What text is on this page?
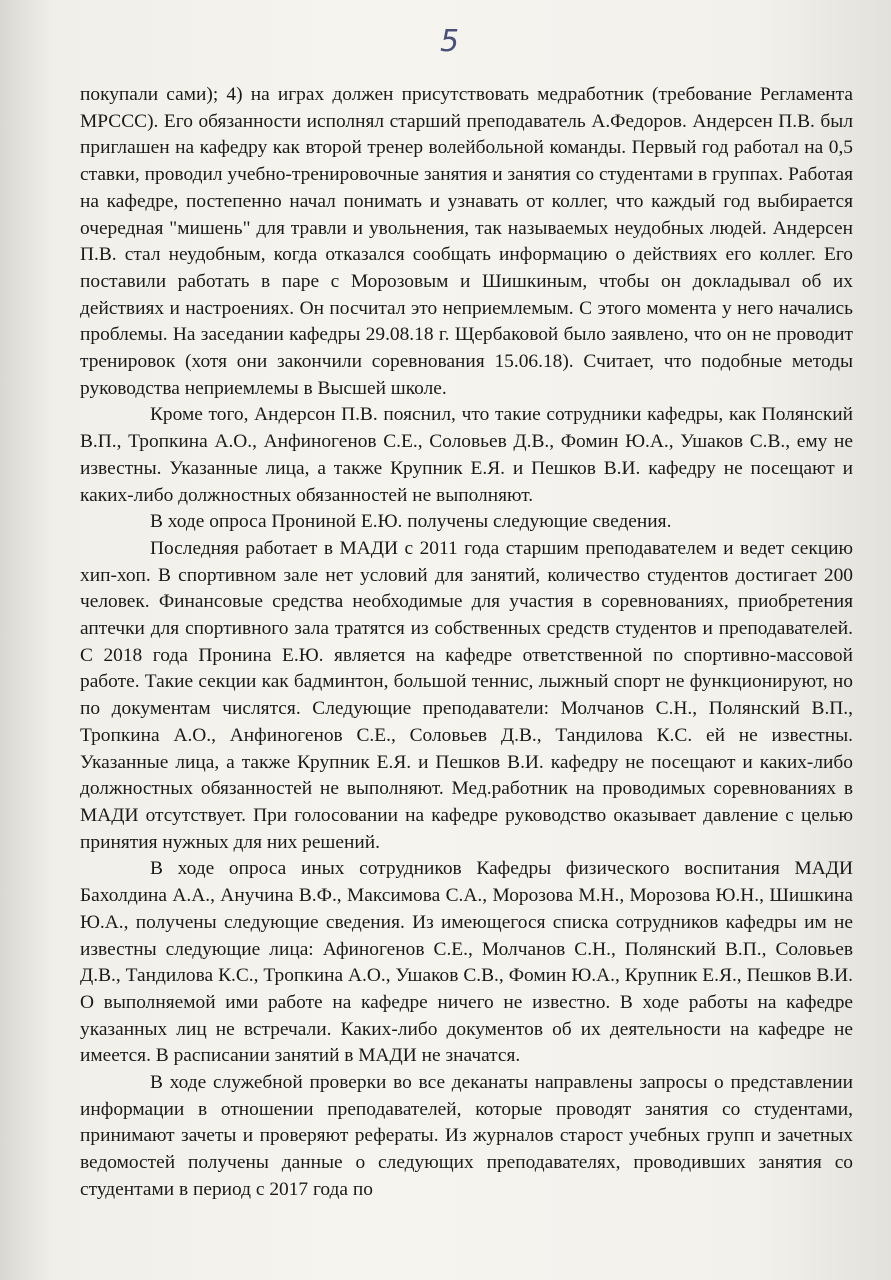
5

покупали сами); 4) на играх должен присутствовать медработник (требование Регламента МРССС). Его обязанности исполнял старший преподаватель А.Федоров. Андерсен П.В. был приглашен на кафедру как второй тренер волейбольной команды. Первый год работал на 0,5 ставки, проводил учебно-тренировочные занятия и занятия со студентами в группах. Работая на кафедре, постепенно начал понимать и узнавать от коллег, что каждый год выбирается очередная "мишень" для травли и увольнения, так называемых неудобных людей. Андерсен П.В. стал неудобным, когда отказался сообщать информацию о действиях его коллег. Его поставили работать в паре с Морозовым и Шишкиным, чтобы он докладывал об их действиях и настроениях. Он посчитал это неприемлемым. С этого момента у него начались проблемы. На заседании кафедры 29.08.18 г. Щербаковой было заявлено, что он не проводит тренировок (хотя они закончили соревнования 15.06.18). Считает, что подобные методы руководства неприемлемы в Высшей школе.

Кроме того, Андерсон П.В. пояснил, что такие сотрудники кафедры, как Полянский В.П., Тропкина А.О., Анфиногенов С.Е., Соловьев Д.В., Фомин Ю.А., Ушаков С.В., ему не известны. Указанные лица, а также Крупник Е.Я. и Пешков В.И. кафедру не посещают и каких-либо должностных обязанностей не выполняют.

В ходе опроса Прониной Е.Ю. получены следующие сведения.

Последняя работает в МАДИ с 2011 года старшим преподавателем и ведет секцию хип-хоп. В спортивном зале нет условий для занятий, количество студентов достигает 200 человек. Финансовые средства необходимые для участия в соревнованиях, приобретения аптечки для спортивного зала тратятся из собственных средств студентов и преподавателей. С 2018 года Пронина Е.Ю. является на кафедре ответственной по спортивно-массовой работе. Такие секции как бадминтон, большой теннис, лыжный спорт не функционируют, но по документам числятся. Следующие преподаватели: Молчанов С.Н., Полянский В.П., Тропкина А.О., Анфиногенов С.Е., Соловьев Д.В., Тандилова К.С. ей не известны. Указанные лица, а также Крупник Е.Я. и Пешков В.И. кафедру не посещают и каких-либо должностных обязанностей не выполняют. Мед.работник на проводимых соревнованиях в МАДИ отсутствует. При голосовании на кафедре руководство оказывает давление с целью принятия нужных для них решений.

В ходе опроса иных сотрудников Кафедры физического воспитания МАДИ Бахолдина А.А., Анучина В.Ф., Максимова С.А., Морозова М.Н., Морозова Ю.Н., Шишкина Ю.А., получены следующие сведения. Из имеющегося списка сотрудников кафедры им не известны следующие лица: Афиногенов С.Е., Молчанов С.Н., Полянский В.П., Соловьев Д.В., Тандилова К.С., Тропкина А.О., Ушаков С.В., Фомин Ю.А., Крупник Е.Я., Пешков В.И. О выполняемой ими работе на кафедре ничего не известно. В ходе работы на кафедре указанных лиц не встречали. Каких-либо документов об их деятельности на кафедре не имеется. В расписании занятий в МАДИ не значатся.

В ходе служебной проверки во все деканаты направлены запросы о представлении информации в отношении преподавателей, которые проводят занятия со студентами, принимают зачеты и проверяют рефераты. Из журналов старост учебных групп и зачетных ведомостей получены данные о следующих преподавателях, проводивших занятия со студентами в период с 2017 года по
